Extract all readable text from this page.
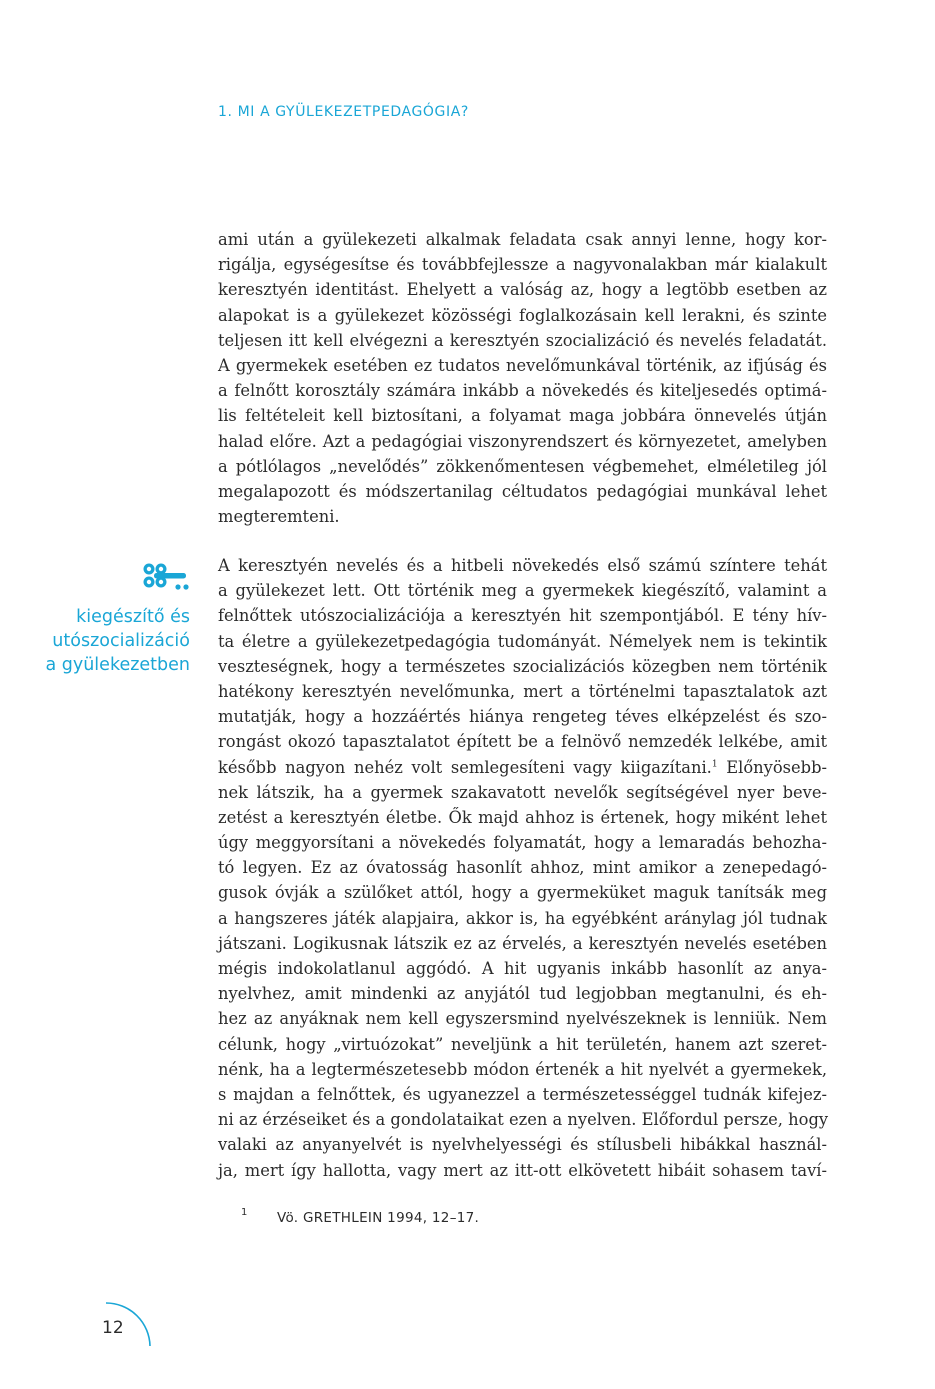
1. MI A GYÜLEKEZETPEDAGÓGIA?
ami után a gyülekezeti alkalmak feladata csak annyi lenne, hogy kor-
rigálja, egységesítse és továbbfejlessze a nagyvonalakban már kialakult
keresztyén identitást. Ehelyett a valóság az, hogy a legtöbb esetben az
alapokat is a gyülekezet közösségi foglalkozásain kell lerakni, és szinte
teljesen itt kell elvégezni a keresztyén szocializáció és nevelés feladatát.
A gyermekek esetében ez tudatos nevelőmunkával történik, az ifjúság és
a felnőtt korosztály számára inkább a növekedés és kiteljesedés optimá-
lis feltételeit kell biztosítani, a folyamat maga jobbára önnevelés útján
halad előre. Azt a pedagógiai viszonyrendszert és környezetet, amelyben
a pótlólagos „nevelődés” zökkenőmentesen végbemehet, elméletileg jól
megalapozott és módszertanilag céltudatos pedagógiai munkával lehet
megteremteni.
kiegészítő és
utószocializáció
a gyülekezetben
A keresztyén nevelés és a hitbeli növekedés első számú színtere tehát
a gyülekezet lett. Ott történik meg a gyermekek kiegészítő, valamint a
felnőttek utószocializációja a keresztyén hit szempontjából. E tény hív-
ta életre a gyülekezetpedagógia tudományát. Némelyek nem is tekintik
veszteségnek, hogy a természetes szocializációs közegben nem történik
hatékony keresztyén nevelőmunka, mert a történelmi tapasztalatok azt
mutatják, hogy a hozzáértés hiánya rengeteg téves elképzelést és szo-
rongást okozó tapasztalatot épített be a felnövő nemzedék lelkébe, amit
később nagyon nehéz volt semlegesíteni vagy kiigazítani.$^1$ Előnyösebb-
nek látszik, ha a gyermek szakavatott nevelők segítségével nyer beve-
zetést a keresztyén életbe. Ők majd ahhoz is értenek, hogy miként lehet
úgy meggyorsítani a növekedés folyamatát, hogy a lemaradás behozha-
tó legyen. Ez az óvatosság hasonlít ahhoz, mint amikor a zenepedagó-
gusok óvják a szülőket attól, hogy a gyermeküket maguk tanítsák meg
a hangszeres játék alapjaira, akkor is, ha egyébként aránylag jól tudnak
játszani. Logikusnak látszik ez az érvelés, a keresztyén nevelés esetében
mégis indokolatlanul aggódó. A hit ugyanis inkább hasonlít az anya-
nyelvhez, amit mindenki az anyjától tud legjobban megtanulni, és eh-
hez az anyáknak nem kell egyszersmind nyelvészeknek is lenniük. Nem
célunk, hogy „virtuózokat” neveljünk a hit területén, hanem azt szeret-
nénk, ha a legtermészetesebb módon értenék a hit nyelvét a gyermekek,
s majdan a felnőttek, és ugyanezzel a természetességgel tudnák kifejez-
ni az érzéseiket és a gondolataikat ezen a nyelven. Előfordul persze, hogy
valaki az anyanyelvét is nyelvhelyességi és stílusbeli hibákkal használ-
ja, mert így hallotta, vagy mert az itt-ott elkövetett hibáit sohasem taví-
1 Vö. GRETHLEIN 1994, 12–17.
12
